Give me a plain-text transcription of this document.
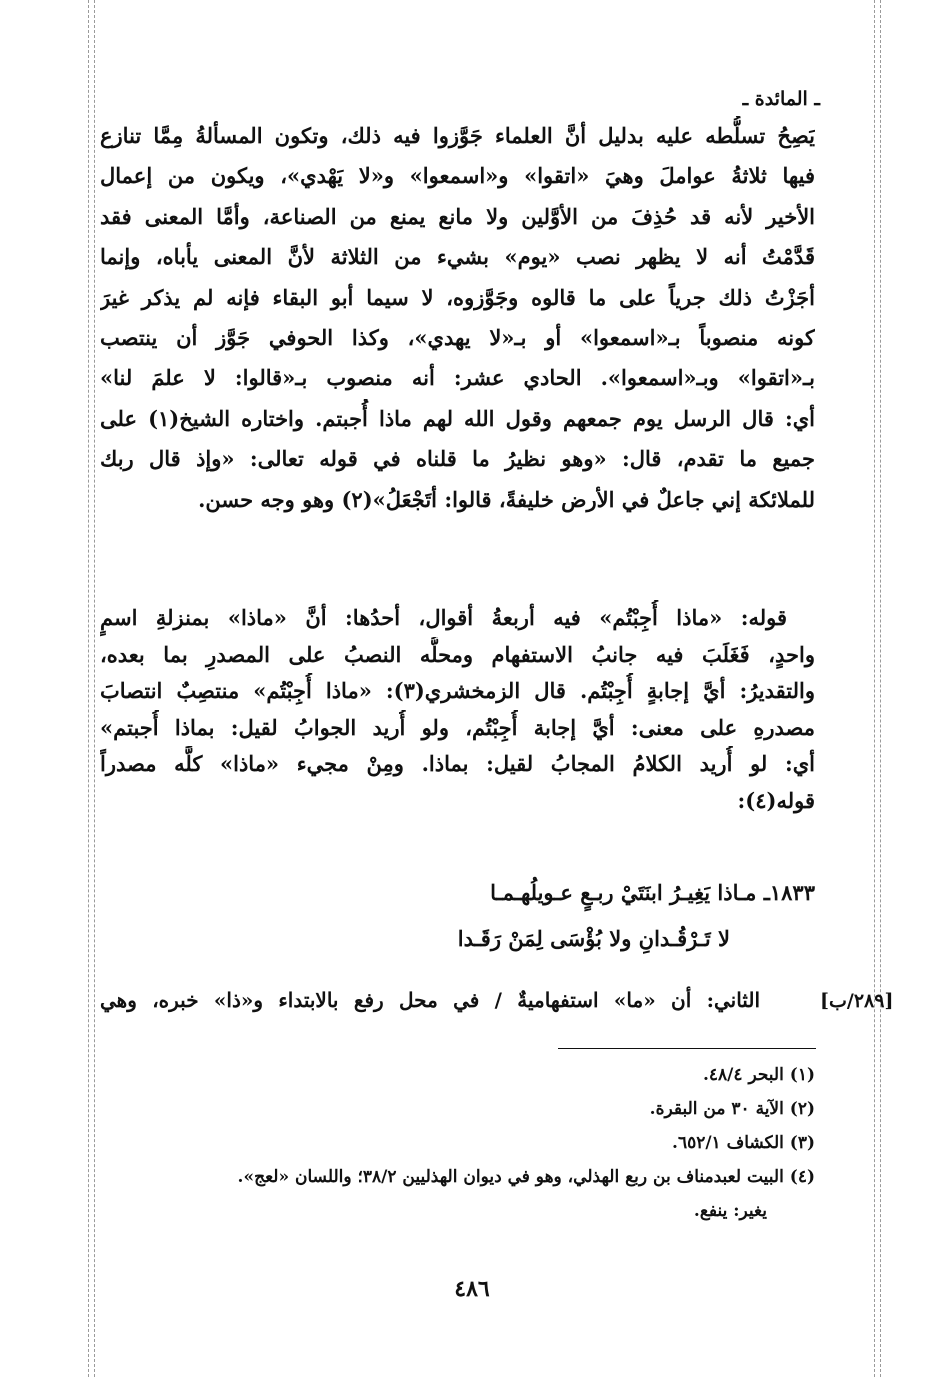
ـ المائدة ـ
يَصِحُ تسلُّطه عليه بدليل أنَّ العلماء جَوَّزوا فيه ذلك، وتكون المسألةُ مِمَّا تنازع
فيها ثلاثةُ عواملَ وهيَ «اتقوا» و«اسمعوا» و«لا يَهْدي»، ويكون من إعمال
الأخير لأنه قد حُذِفَ من الأوَّلين ولا مانع يمنع من الصناعة، وأمَّا المعنى فقد
قَدَّمْتُ أنه لا يظهر نصب «يوم» بشيء من الثلاثة لأنَّ المعنى يأباه، وإنما
أجَزْتُ ذلك جرياً على ما قالوه وجَوَّزوه، لا سيما أبو البقاء فإنه لم يذكر غيرَ
كونه منصوباً بـ«اسمعوا» أو بـ«لا يهدي»، وكذا الحوفي جَوَّز أن ينتصب
بـ«اتقوا» وبـ«اسمعوا». الحادي عشر: أنه منصوب بـ«قالوا: لا علمَ لنا»
أي: قال الرسل يوم جمعهم وقول الله لهم ماذا أُجبتم. واختاره الشيخ(١) على
جميع ما تقدم، قال: «وهو نظيرُ ما قلناه في قوله تعالى: «وإذ قال ربك
للملائكة إني جاعلٌ في الأرض خليفةً، قالوا: أتَجْعَلُ»(٢) وهو وجه حسن.
قوله: «ماذا أُجِبْتُم» فيه أربعةُ أقوال، أحدُها: أنَّ «ماذا» بمنزلةِ اسمٍ
واحدٍ، فَغَلَبَ فيه جانبُ الاستفهام ومحلُّه النصبُ على المصدرِ بما بعده،
والتقديرُ: أيَّ إجابةٍ أُجِبْتُم. قال الزمخشري(٣): «ماذا أُجِبْتُم» منتصِبٌ انتصابَ
مصدرهِ على معنى: أيَّ إجابة أُجِبْتُم، ولو أُريد الجوابُ لقيل: بماذا أُجبتم»
أي: لو أُريد الكلامُ المجابُ لقيل: بماذا. ومِنْ مجيء «ماذا» كلَّه مصدراً
قوله(٤):
١٨٣٣ـ مـاذا يَغِيـرُ ابنَتَيْ ربـعٍ عـويلُهـمـا
لا تَـرْقُـدانِ ولا بُؤْسَى لِمَنْ رَقَـدا
[٢٨٩/ب]
الثاني: أن «ما» استفهاميةٌ / في محل رفع بالابتداء و«ذا» خبره، وهي
(١) البحر ٤٨/٤.
(٢) الآية ٣٠ من البقرة.
(٣) الكشاف ٦٥٢/١.
(٤) البيت لعبدمناف بن ربع الهذلي، وهو في ديوان الهذليين ٣٨/٢؛ واللسان «لعج».
يغير: ينفع.
٤٨٦
